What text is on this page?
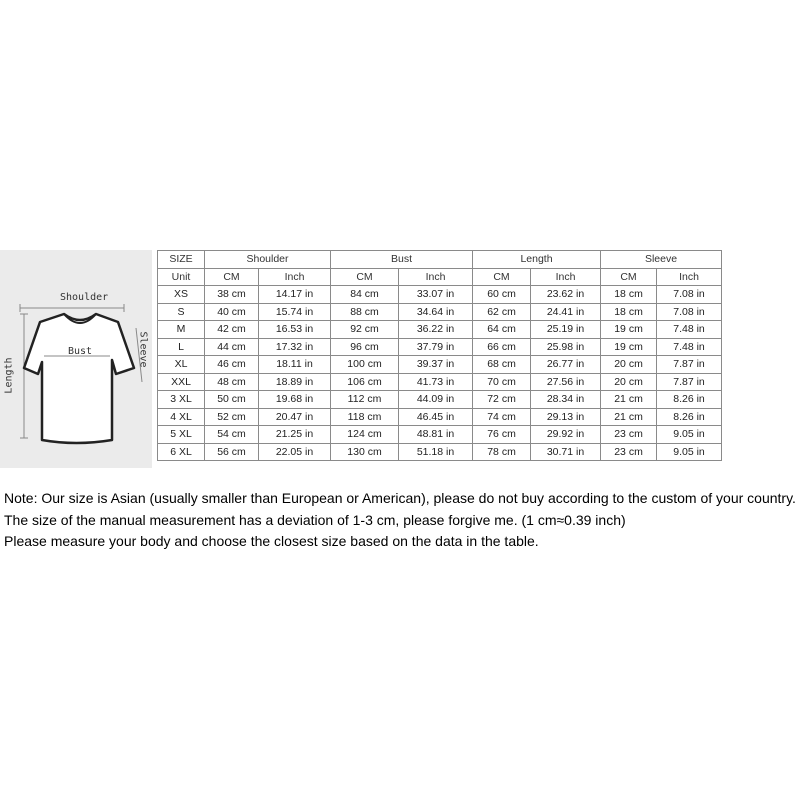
Shoulder
Bust	Sleeve
Length
SIZE	Shoulder		Bust		Length		Sleeve	
Unit	CM	Inch	CM	Inch	CM	Inch	CM	Inch
XS	38 cm	14.17 in	84 cm	33.07 in	60 cm	23.62 in	18 cm	7.08 in
S	40 cm	15.74 in	88 cm	34.64 in	62 cm	24.41 in	18 cm	7.08 in
M	42 cm	16.53 in	92 cm	36.22 in	64 cm	25.19 in	19 cm	7.48 in
L	44 cm	17.32 in	96 cm	37.79 in	66 cm	25.98 in	19 cm	7.48 in
XL	46 cm	18.11 in	100 cm	39.37 in	68 cm	26.77 in	20 cm	7.87 in
XXL	48 cm	18.89 in	106 cm	41.73 in	70 cm	27.56 in	20 cm	7.87 in
3 XL	50 cm	19.68 in	112 cm	44.09 in	72 cm	28.34 in	21 cm	8.26 in
4 XL	52 cm	20.47 in	118 cm	46.45 in	74 cm	29.13 in	21 cm	8.26 in
5 XL	54 cm	21.25 in	124 cm	48.81 in	76 cm	29.92 in	23 cm	9.05 in
6 XL	56 cm	22.05 in	130 cm	51.18 in	78 cm	30.71 in	23 cm	9.05 in
Note: Our size is Asian (usually smaller than European or American), please do not buy according to the custom of your country.
The size of the manual measurement has a deviation of 1-3 cm, please forgive me. (1 cm≈0.39 inch)
Please measure your body and choose the closest size based on the data in the table.
